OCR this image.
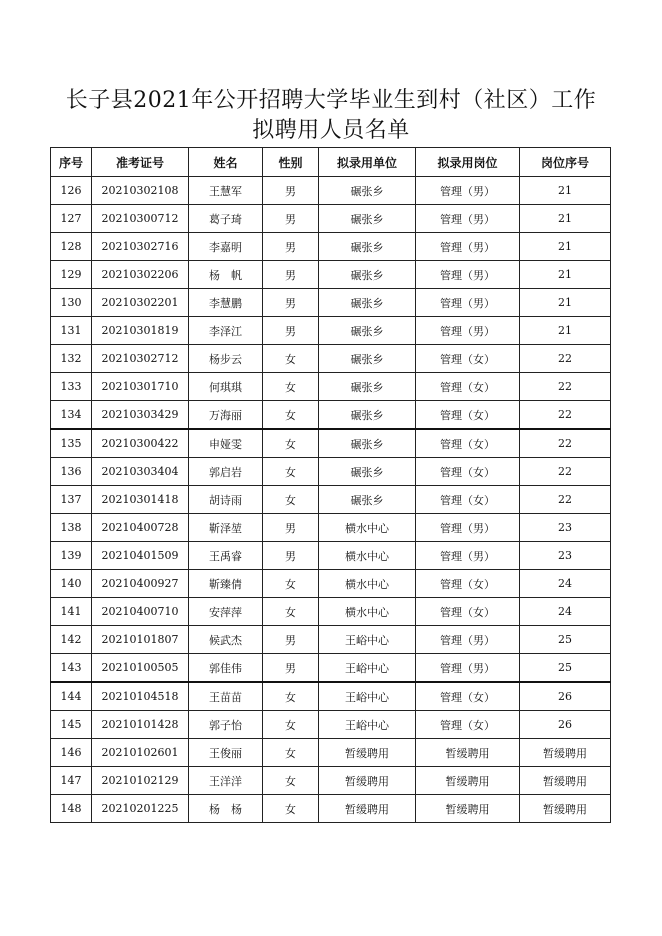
长子县2021年公开招聘大学毕业生到村（社区）工作
拟聘用人员名单
序号	准考证号	姓名	性别	拟录用单位	拟录用岗位	岗位序号
126	20210302108	王慧军	男	碾张乡	管理（男）	21
127	20210300712	葛子琦	男	碾张乡	管理（男）	21
128	20210302716	李嘉明	男	碾张乡	管理（男）	21
129	20210302206	杨　帆	男	碾张乡	管理（男）	21
130	20210302201	李慧鹏	男	碾张乡	管理（男）	21
131	20210301819	李泽江	男	碾张乡	管理（男）	21
132	20210302712	杨步云	女	碾张乡	管理（女）	22
133	20210301710	何琪琪	女	碾张乡	管理（女）	22
134	20210303429	万海丽	女	碾张乡	管理（女）	22
135	20210300422	申娅雯	女	碾张乡	管理（女）	22
136	20210303404	郭启岩	女	碾张乡	管理（女）	22
137	20210301418	胡诗雨	女	碾张乡	管理（女）	22
138	20210400728	靳泽堃	男	横水中心	管理（男）	23
139	20210401509	王禹睿	男	横水中心	管理（男）	23
140	20210400927	靳臻倩	女	横水中心	管理（女）	24
141	20210400710	安萍萍	女	横水中心	管理（女）	24
142	20210101807	候武杰	男	王峪中心	管理（男）	25
143	20210100505	郭佳伟	男	王峪中心	管理（男）	25
144	20210104518	王苗苗	女	王峪中心	管理（女）	26
145	20210101428	郭子怡	女	王峪中心	管理（女）	26
146	20210102601	王俊丽	女	暂缓聘用	暂缓聘用	暂缓聘用
147	20210102129	王洋洋	女	暂缓聘用	暂缓聘用	暂缓聘用
148	20210201225	杨　杨	女	暂缓聘用	暂缓聘用	暂缓聘用
